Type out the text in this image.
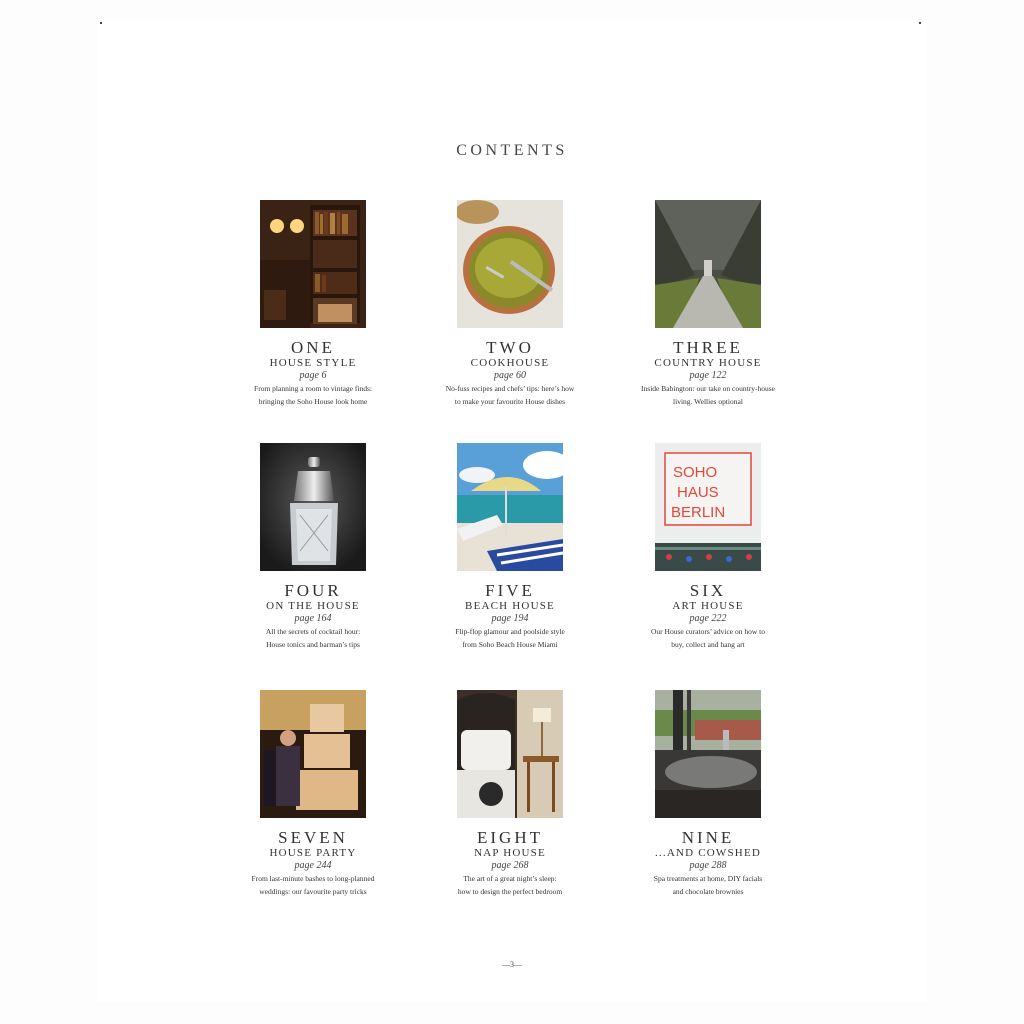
CONTENTS
ONE
HOUSE STYLE
page 6
From planning a room to vintage finds:
bringing the Soho House look home
TWO
COOKHOUSE
page 60
No-fuss recipes and chefs’ tips: here’s how
to make your favourite House dishes
THREE
COUNTRY HOUSE
page 122
Inside Babington: our take on country-house
living. Wellies optional
FOUR
ON THE HOUSE
page 164
All the secrets of cocktail hour:
House tonics and barman’s tips
FIVE
BEACH HOUSE
page 194
Flip-flop glamour and poolside style
from Soho Beach House Miami
SOHO
HAUS
BERLIN
SIX
ART HOUSE
page 222
Our House curators’ advice on how to
buy, collect and hang art
SEVEN
HOUSE PARTY
page 244
From last-minute bashes to long-planned
weddings: our favourite party tricks
EIGHT
NAP HOUSE
page 268
The art of a great night’s sleep:
how to design the perfect bedroom
NINE
...AND COWSHED
page 288
Spa treatments at home, DIY facials
and chocolate brownies
—3—
